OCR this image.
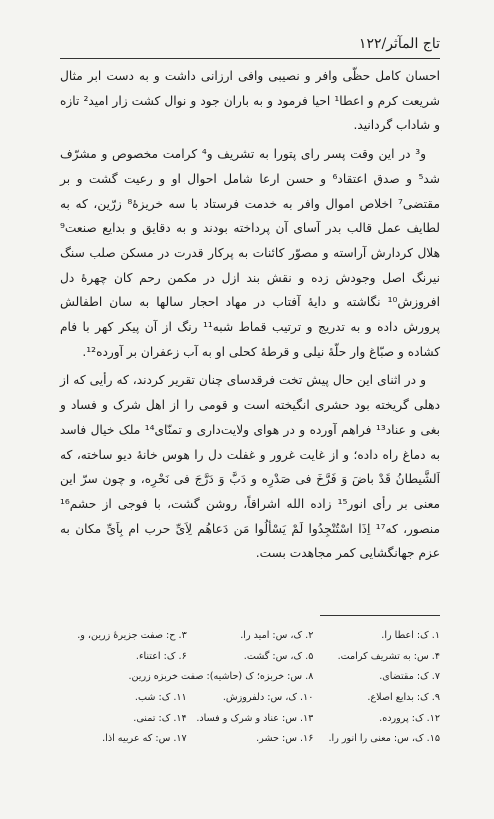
تاج المآثر/۱۲۲

احسان کامل حظّی وافر و نصیبی وافی ارزانی داشت و به دست ابر مثال شریعت کرم و اعطا¹ احیا فرمود و به باران جود و نوال کشت زار امید² تازه و شاداب گردانید.

و³ در این وقت پسر رای پتورا به تشریف و⁴ کرامت مخصوص و مشرّف شد⁵ و صدق اعتقاد⁶ و حسن ارعا شامل احوال او و رعیت گشت و بر مقتضی⁷ اخلاص اموال وافر به خدمت فرستاد با سه خریزهٔ⁸ زرّین، که به لطایف عمل قالب بدر آسای آن پرداخته بودند و به دقایق و بدایع صنعت⁹ هلال کردارش آراسته و مصوّر کائنات به پرکار قدرت در مسکن صلب سنگ نیرنگ اصل وجودش زده و نقش بند ازل در مکمن رحم کان چهرهٔ دل افروزش¹⁰ نگاشته و دایهٔ آفتاب در مهاد احجار سالها به سان اطفالش پرورش داده و به تدریج و ترتیب قماط شبه¹¹ رنگ از آن پیکر کهر با فام کشاده و صبّاغ وار حلّهٔ نیلی و قرطهٔ کحلی او به آب زعفران بر آورده¹².

و در اثنای این حال پیش تخت فرقدسای چنان تقریر کردند، که رأیی که از دهلی گریخته بود حشری انگیخته است و قومی را از اهل شرک و فساد و بغی و عناد¹³ فراهم آورده و در هوای ولایت‌داری و تمنّای¹⁴ ملک خیال فاسد به دماغ راه داده؛ و از غایت غرور و غفلت دل را هوس خانهٔ دیو ساخته، که اَلشَّیطانُ قَدْ باضَ وَ فَرَّخَ فی صَدْرِه و دَبَّ وَ دَرَّجَ فی نَحْرِه، و چون سرّ این معنی بر رأی انور¹⁵ زاده الله اشراقاً، روشن گشت، با فوجی از حشم¹⁶ منصور، که¹⁷ اِذَا اسْتُنْجِدُوا لَمْ یَسْألُوا مَن دَعاهُم لِاَیِّ حرب ام بِاَیِّ مکان به عزم جهانگشایی کمر مجاهدت بست.

۱. ک: اعطا را.
۲. ک، س: امید را.
۳. ح: صفت جزیرهٔ زرین، و.
۴. س: به تشریف کرامت.
۵. ک، س: گشت.
۶. ک: اعتناء.
۷. ک: مقتضای.
۸. س: خربزه؛ ک (حاشیه): صفت خربزه زرین.
۹. ک: بدایع اصلاع.
۱۰. ک، س: دلفروزش.
۱۱. ک: شب.
۱۲. ک: پرورده.
۱۳. س: عناد و شرک و فساد.
۱۴. ک: تمنی.
۱۵. ک، س: معنی را انور را.
۱۶. س: حشر.
۱۷. س: که عربیه اذا.
